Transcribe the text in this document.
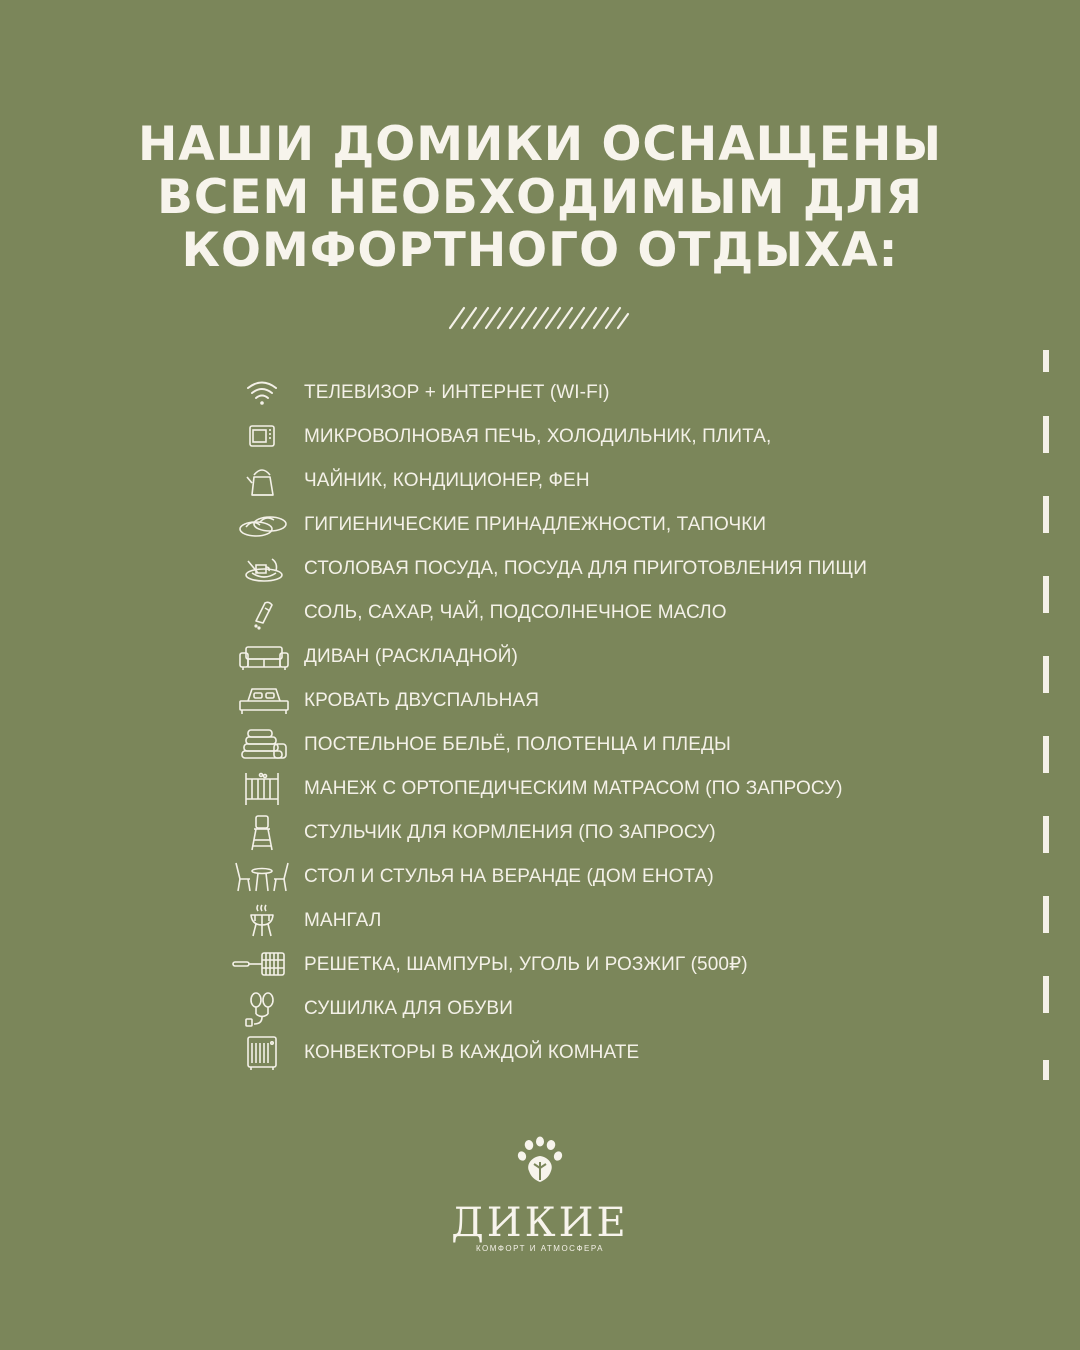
НАШИ ДОМИКИ ОСНАЩЕНЫ
ВСЕМ НЕОБХОДИМЫМ ДЛЯ
КОМФОРТНОГО ОТДЫХА:
ТЕЛЕВИЗОР + ИНТЕРНЕТ (WI-FI)
МИКРОВОЛНОВАЯ ПЕЧЬ, ХОЛОДИЛЬНИК, ПЛИТА,
ЧАЙНИК, КОНДИЦИОНЕР, ФЕН
ГИГИЕНИЧЕСКИЕ ПРИНАДЛЕЖНОСТИ, ТАПОЧКИ
СТОЛОВАЯ ПОСУДА, ПОСУДА ДЛЯ ПРИГОТОВЛЕНИЯ ПИЩИ
СОЛЬ, САХАР, ЧАЙ, ПОДСОЛНЕЧНОЕ МАСЛО
ДИВАН (РАСКЛАДНОЙ)
КРОВАТЬ ДВУСПАЛЬНАЯ
ПОСТЕЛЬНОЕ БЕЛЬЁ, ПОЛОТЕНЦА И ПЛЕДЫ
МАНЕЖ С ОРТОПЕДИЧЕСКИМ МАТРАСОМ (ПО ЗАПРОСУ)
СТУЛЬЧИК ДЛЯ КОРМЛЕНИЯ (ПО ЗАПРОСУ)
СТОЛ И СТУЛЬЯ НА ВЕРАНДЕ (ДОМ ЕНОТА)
МАНГАЛ
РЕШЕТКА, ШАМПУРЫ, УГОЛЬ И РОЗЖИГ (500₽)
СУШИЛКА ДЛЯ ОБУВИ
КОНВЕКТОРЫ В КАЖДОЙ КОМНАТЕ
ДИКИЕ
КОМФОРТ И АТМОСФЕРА
